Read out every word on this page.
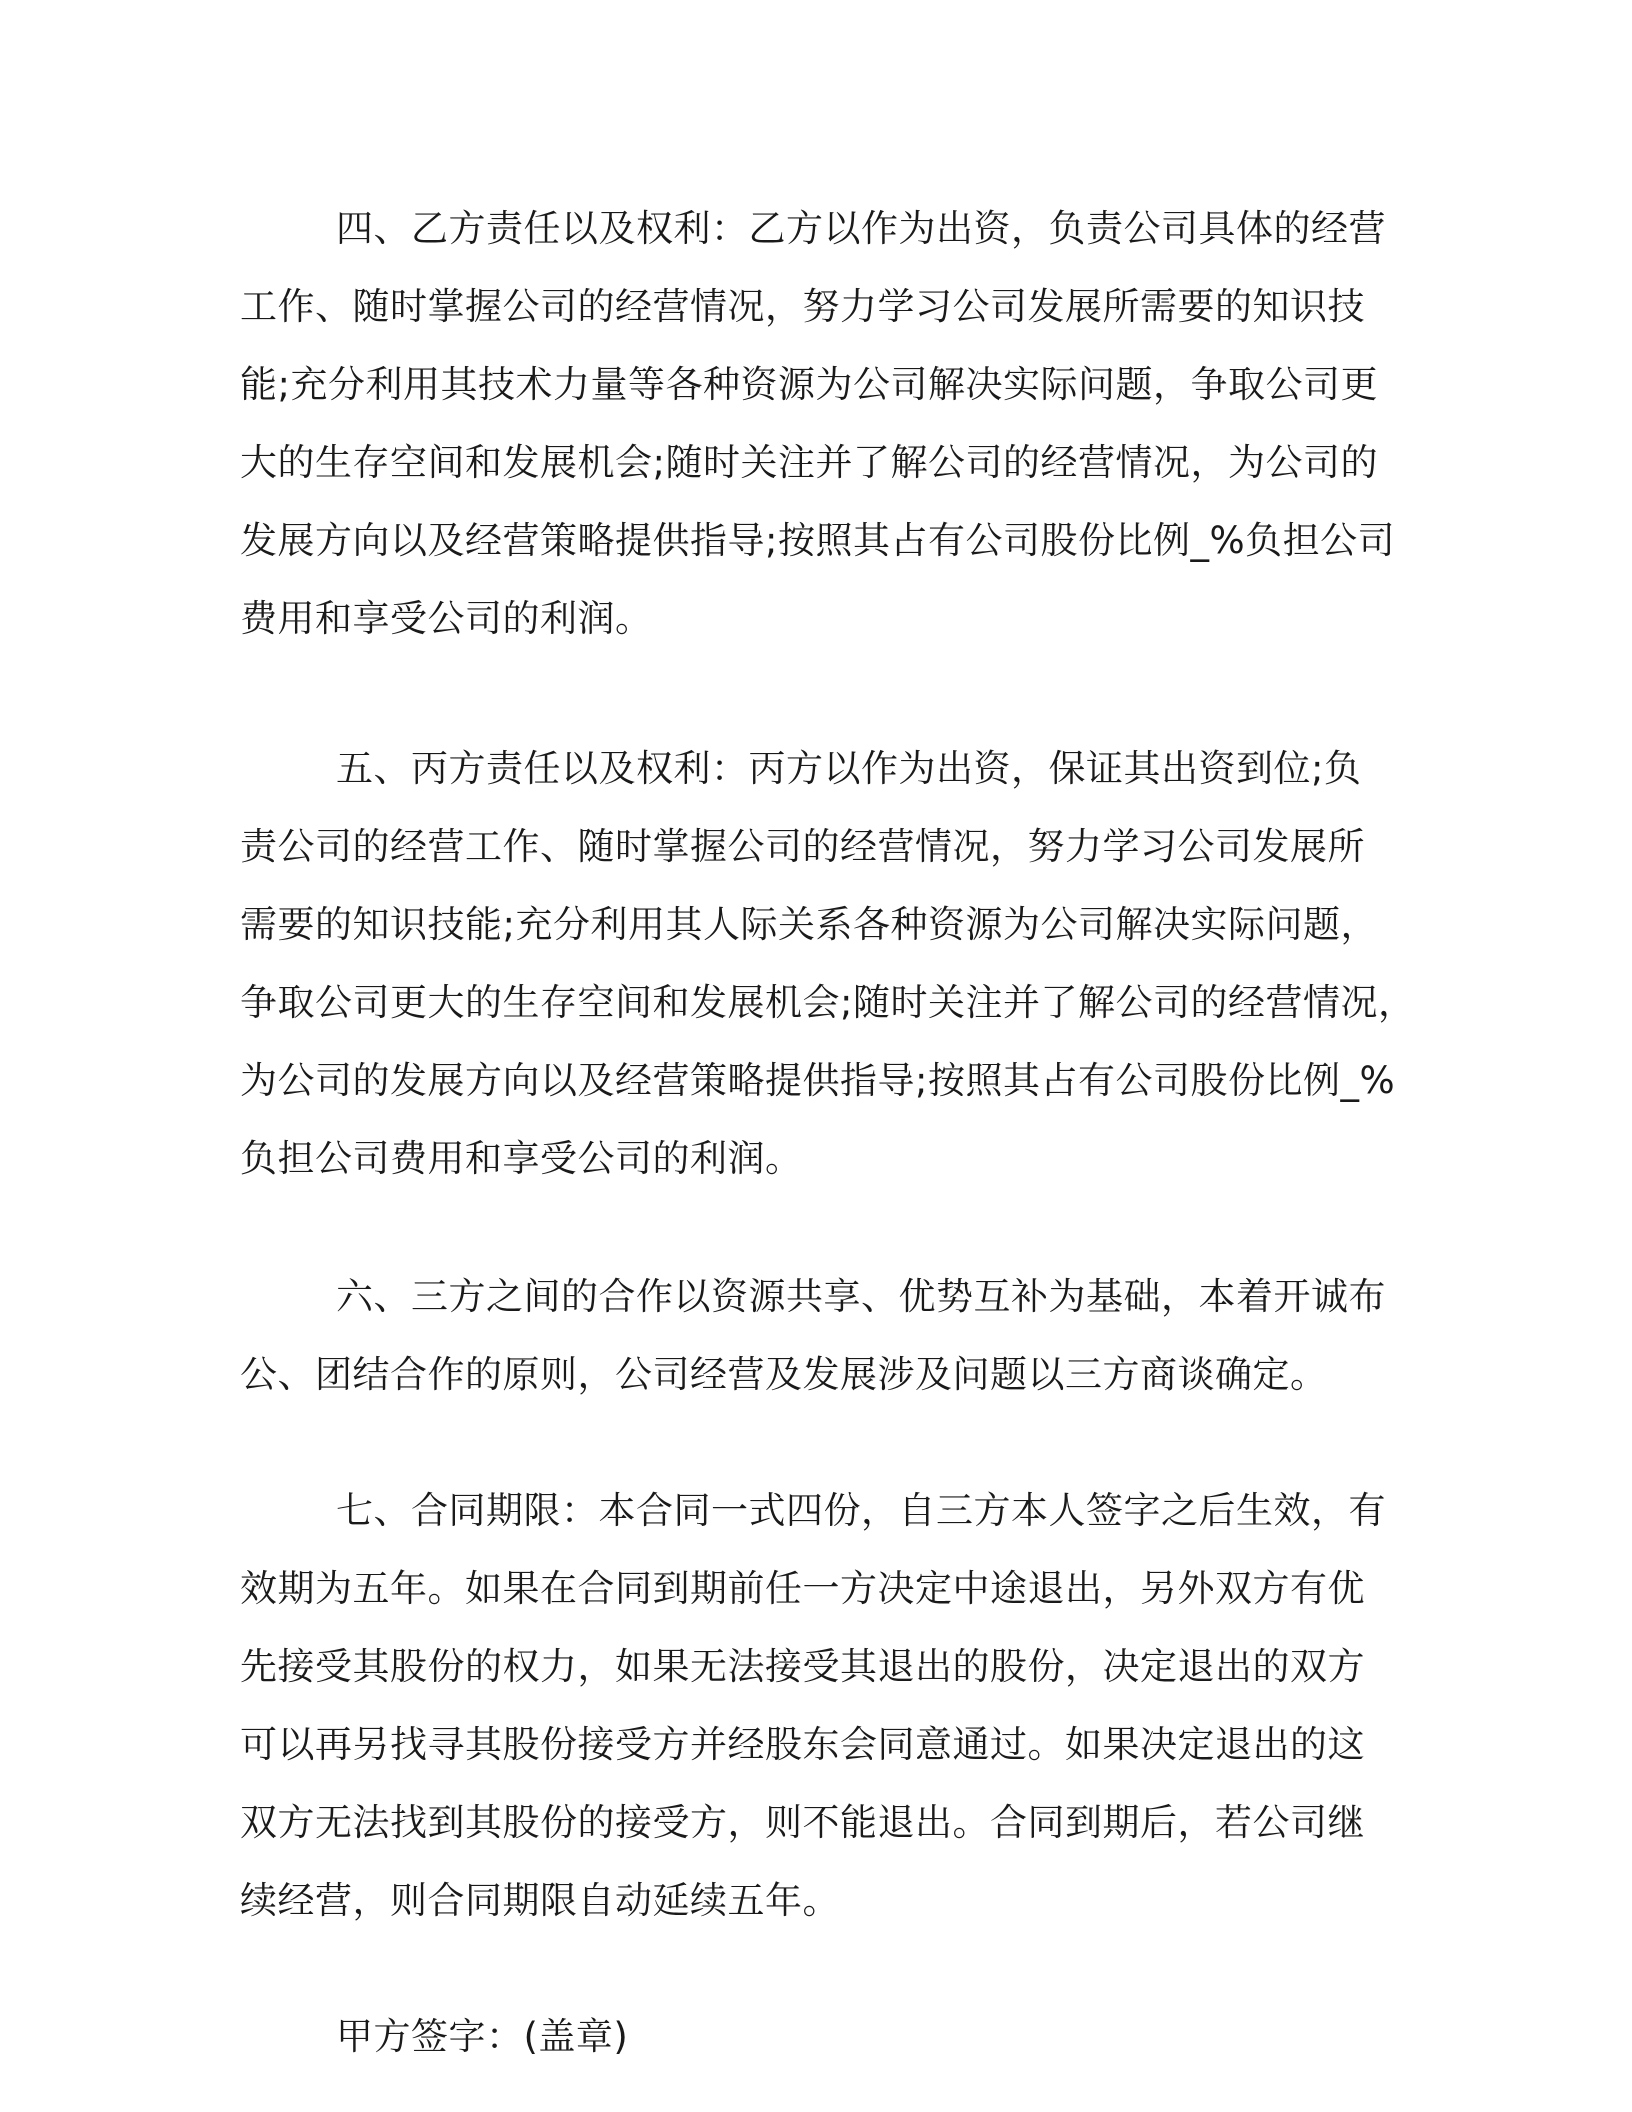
四、乙方责任以及权利：乙方以作为出资，负责公司具体的经营
工作、随时掌握公司的经营情况，努力学习公司发展所需要的知识技
能;充分利用其技术力量等各种资源为公司解决实际问题，争取公司更
大的生存空间和发展机会;随时关注并了解公司的经营情况，为公司的
发展方向以及经营策略提供指导;按照其占有公司股份比例_%负担公司
费用和享受公司的利润。

五、丙方责任以及权利：丙方以作为出资，保证其出资到位;负
责公司的经营工作、随时掌握公司的经营情况，努力学习公司发展所
需要的知识技能;充分利用其人际关系各种资源为公司解决实际问题，
争取公司更大的生存空间和发展机会;随时关注并了解公司的经营情况，
为公司的发展方向以及经营策略提供指导;按照其占有公司股份比例_%
负担公司费用和享受公司的利润。

六、三方之间的合作以资源共享、优势互补为基础，本着开诚布
公、团结合作的原则，公司经营及发展涉及问题以三方商谈确定。

七、合同期限：本合同一式四份，自三方本人签字之后生效，有
效期为五年。如果在合同到期前任一方决定中途退出，另外双方有优
先接受其股份的权力，如果无法接受其退出的股份，决定退出的双方
可以再另找寻其股份接受方并经股东会同意通过。如果决定退出的这
双方无法找到其股份的接受方，则不能退出。合同到期后，若公司继
续经营，则合同期限自动延续五年。

甲方签字：(盖章)
